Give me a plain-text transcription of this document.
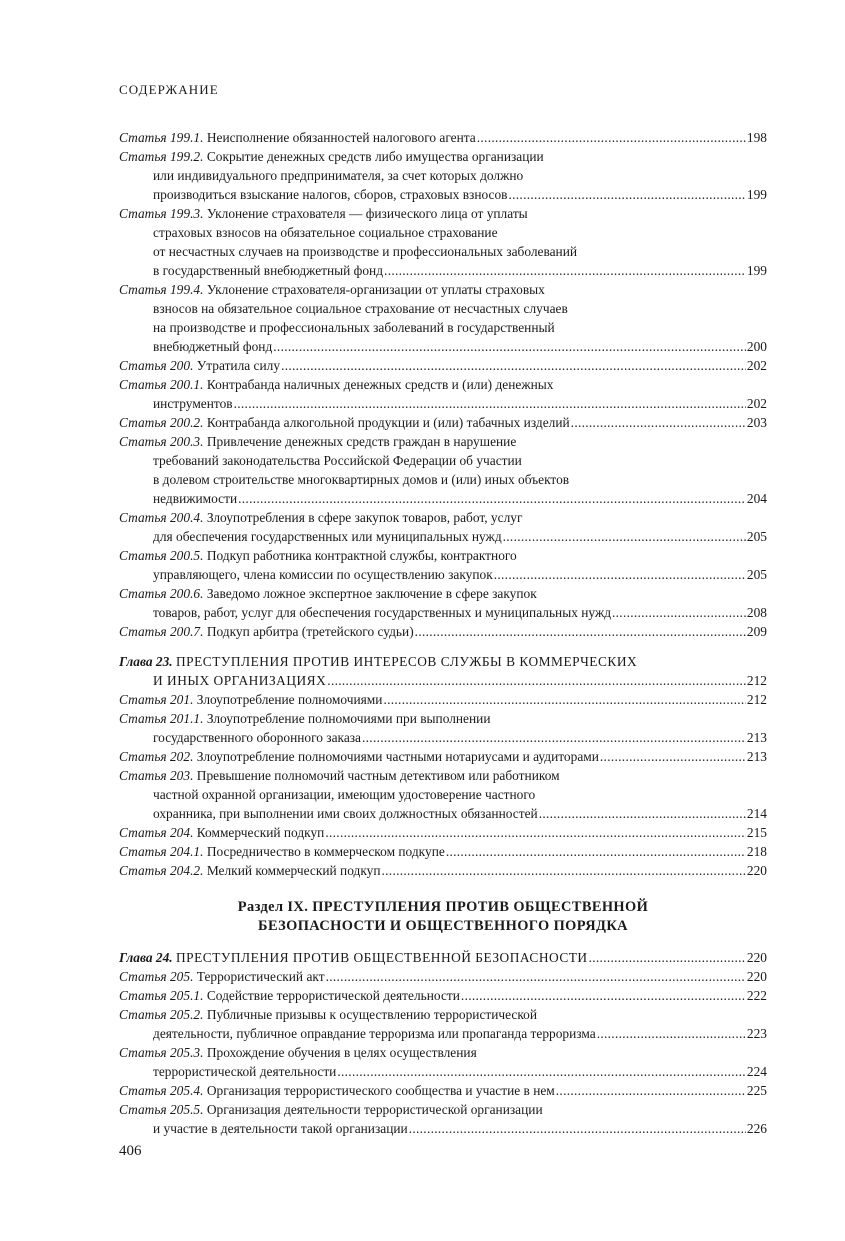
СОДЕРЖАНИЕ
Статья 199.1.
Неисполнение обязанностей налогового агента .....	198
Статья 199.2.
Сокрытие денежных средств либо имущества организации
или индивидуального предпринимателя, за счет которых должно
производиться взыскание налогов, сборов, страховых взносов .....	199
Статья 199.3.
Уклонение страхователя — физического лица от уплаты
страховых взносов на обязательное социальное страхование
от несчастных случаев на производстве и профессиональных заболеваний
в государственный внебюджетный фонд .....	199
Статья 199.4.
Уклонение страхователя-организации от уплаты страховых
взносов на обязательное социальное страхование от несчастных случаев
на производстве и профессиональных заболеваний в государственный
внебюджетный фонд .....	200
Статья 200.
Утратила силу .....	202
Статья 200.1.
Контрабанда наличных денежных средств и (или) денежных
инструментов .....	202
Статья 200.2.
Контрабанда алкогольной продукции и (или) табачных изделий .....	203
Статья 200.3.
Привлечение денежных средств граждан в нарушение
требований законодательства Российской Федерации об участии
в долевом строительстве многоквартирных домов и (или) иных объектов
недвижимости .....	204
Статья 200.4.
Злоупотребления в сфере закупок товаров, работ, услуг
для обеспечения государственных или муниципальных нужд .....	205
Статья 200.5.
Подкуп работника контрактной службы, контрактного
управляющего, члена комиссии по осуществлению закупок .....	205
Статья 200.6.
Заведомо ложное экспертное заключение в сфере закупок
товаров, работ, услуг для обеспечения государственных и муниципальных нужд .....	208
Статья 200.7.
Подкуп арбитра (третейского судьи) .....	209
Глава 23.
ПРЕСТУПЛЕНИЯ ПРОТИВ ИНТЕРЕСОВ СЛУЖБЫ В КОММЕРЧЕСКИХ
И ИНЫХ ОРГАНИЗАЦИЯХ .....	212
Статья 201.
Злоупотребление полномочиями .....	212
Статья 201.1.
Злоупотребление полномочиями при выполнении
государственного оборонного заказа .....	213
Статья 202.
Злоупотребление полномочиями частными нотариусами и аудиторами .....	213
Статья 203.
Превышение полномочий частным детективом или работником
частной охранной организации, имеющим удостоверение частного
охранника, при выполнении ими своих должностных обязанностей .....	214
Статья 204.
Коммерческий подкуп .....	215
Статья 204.1.
Посредничество в коммерческом подкупе .....	218
Статья 204.2.
Мелкий коммерческий подкуп .....	220
Раздел IX. ПРЕСТУПЛЕНИЯ ПРОТИВ ОБЩЕСТВЕННОЙ
БЕЗОПАСНОСТИ И ОБЩЕСТВЕННОГО ПОРЯДКА
Глава 24.
ПРЕСТУПЛЕНИЯ ПРОТИВ ОБЩЕСТВЕННОЙ БЕЗОПАСНОСТИ .....	220
Статья 205.
Террористический акт .....	220
Статья 205.1.
Содействие террористической деятельности .....	222
Статья 205.2.
Публичные призывы к осуществлению террористической
деятельности, публичное оправдание терроризма или пропаганда терроризма .....	223
Статья 205.3.
Прохождение обучения в целях осуществления
террористической деятельности .....	224
Статья 205.4.
Организация террористического сообщества и участие в нем .....	225
Статья 205.5.
Организация деятельности террористической организации
и участие в деятельности такой организации .....	226
406
